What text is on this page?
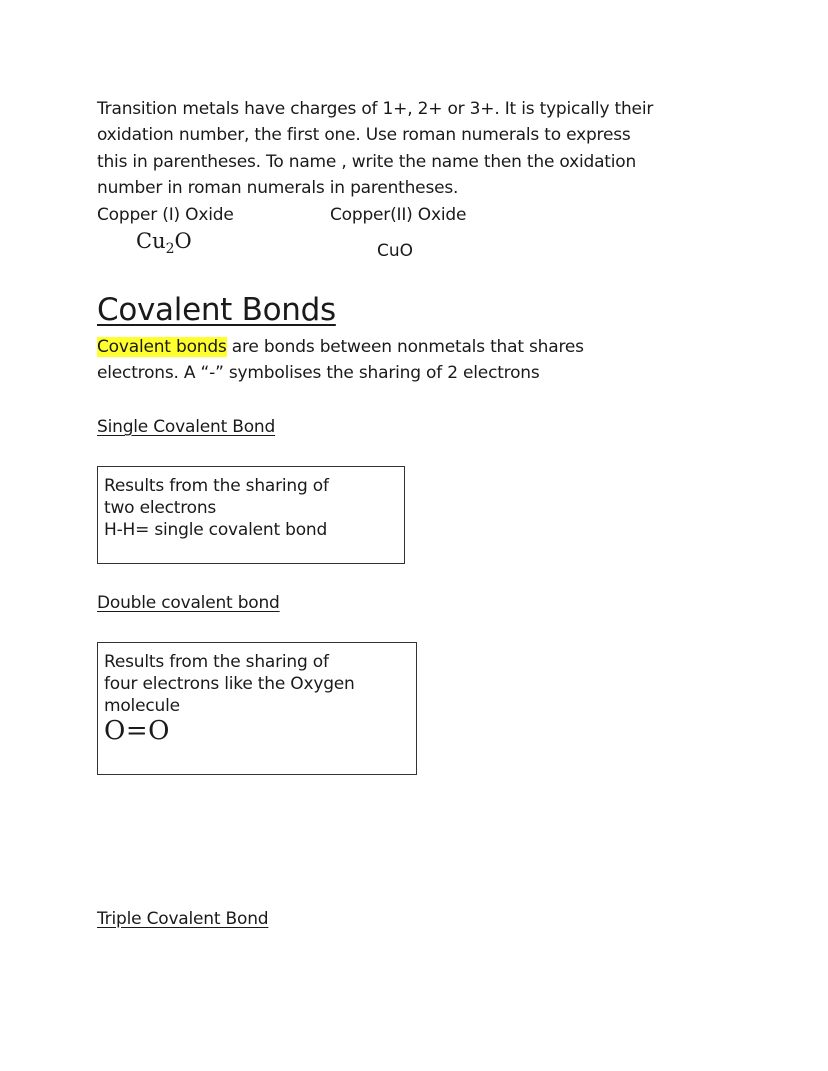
Transition metals have charges of 1+, 2+ or 3+. It is typically their
oxidation number, the first one. Use roman numerals to express
this in parentheses. To name , write the name then the oxidation
number in roman numerals in parentheses.

Copper (I) Oxide	Copper(II) Oxide
$Cu_2O$	CuO
Covalent Bonds

Covalent bonds are bonds between nonmetals that shares
electrons. A “-” symbolises the sharing of 2 electrons

Single Covalent Bond
Results from the sharing of
two electrons
H-H= single covalent bond
Double covalent bond
Results from the sharing of
four electrons like the Oxygen
molecule
O=O
Triple Covalent Bond
